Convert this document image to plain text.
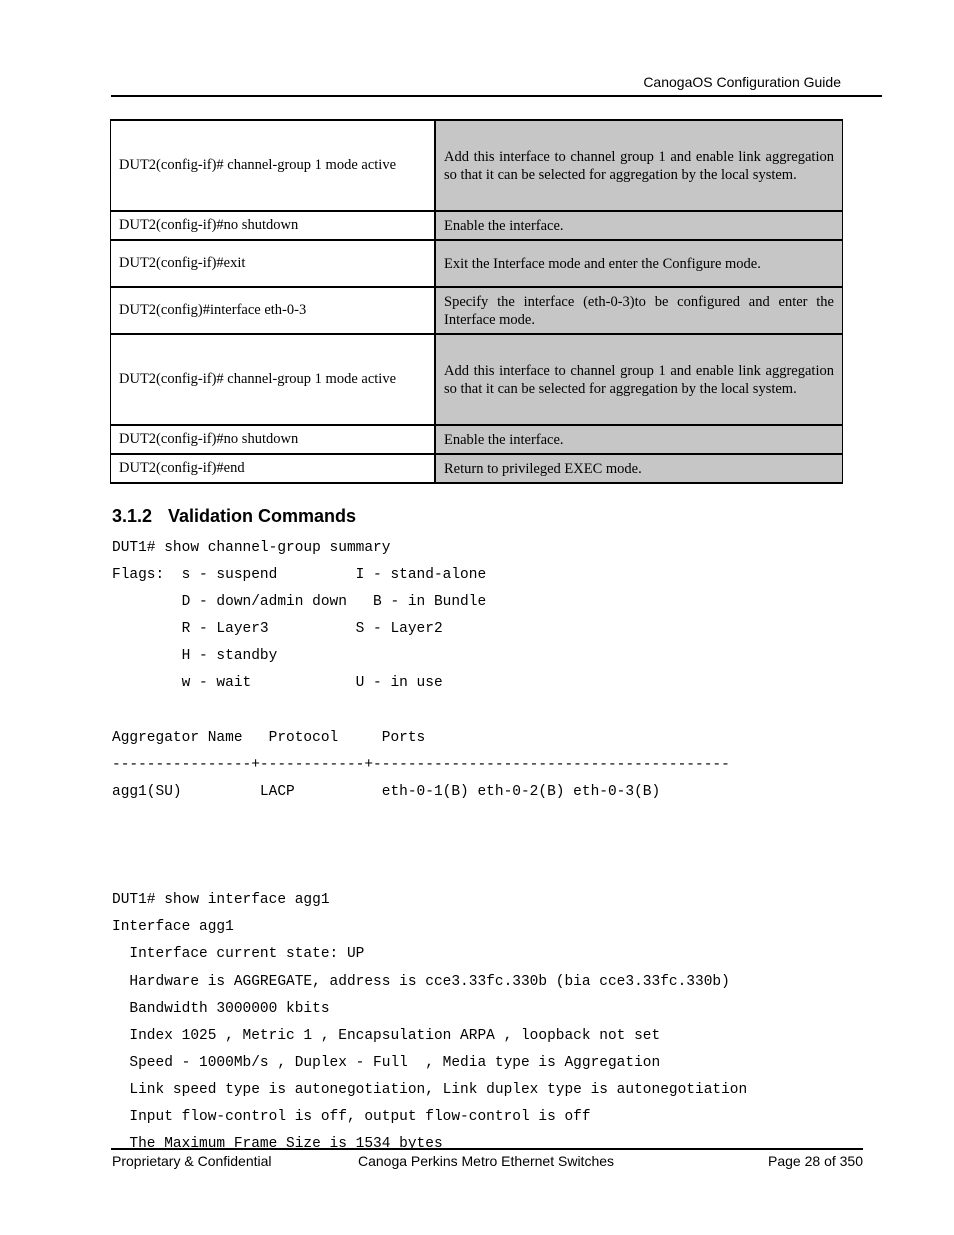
CanogaOS Configuration Guide
DUT2(config-if)# channel-group 1 mode active	Add this interface to channel group 1 and enable link aggregation so that it can be selected for aggregation by the local system.
DUT2(config-if)#no shutdown	Enable the interface.
DUT2(config-if)#exit	Exit the Interface mode and enter the Configure mode.
DUT2(config)#interface eth-0-3	Specify the interface (eth-0-3)to be configured and enter the Interface mode.
DUT2(config-if)# channel-group 1 mode active	Add this interface to channel group 1 and enable link aggregation so that it can be selected for aggregation by the local system.
DUT2(config-if)#no shutdown	Enable the interface.
DUT2(config-if)#end	Return to privileged EXEC mode.
3.1.2 Validation Commands
DUT1# show channel-group summary
Flags:  s - suspend         I - stand-alone
D - down/admin down   B - in Bundle
R - Layer3          S - Layer2
H - standby
w - wait            U - in use

Aggregator Name   Protocol     Ports
----------------+------------+-----------------------------------------
agg1(SU)         LACP          eth-0-1(B) eth-0-2(B) eth-0-3(B)

DUT1# show interface agg1
Interface agg1
Interface current state: UP
Hardware is AGGREGATE, address is cce3.33fc.330b (bia cce3.33fc.330b)
Bandwidth 3000000 kbits
Index 1025 , Metric 1 , Encapsulation ARPA , loopback not set
Speed - 1000Mb/s , Duplex - Full  , Media type is Aggregation
Link speed type is autonegotiation, Link duplex type is autonegotiation
Input flow-control is off, output flow-control is off
The Maximum Frame Size is 1534 bytes
Proprietary & Confidential	Canoga Perkins Metro Ethernet Switches	Page 28 of 350
